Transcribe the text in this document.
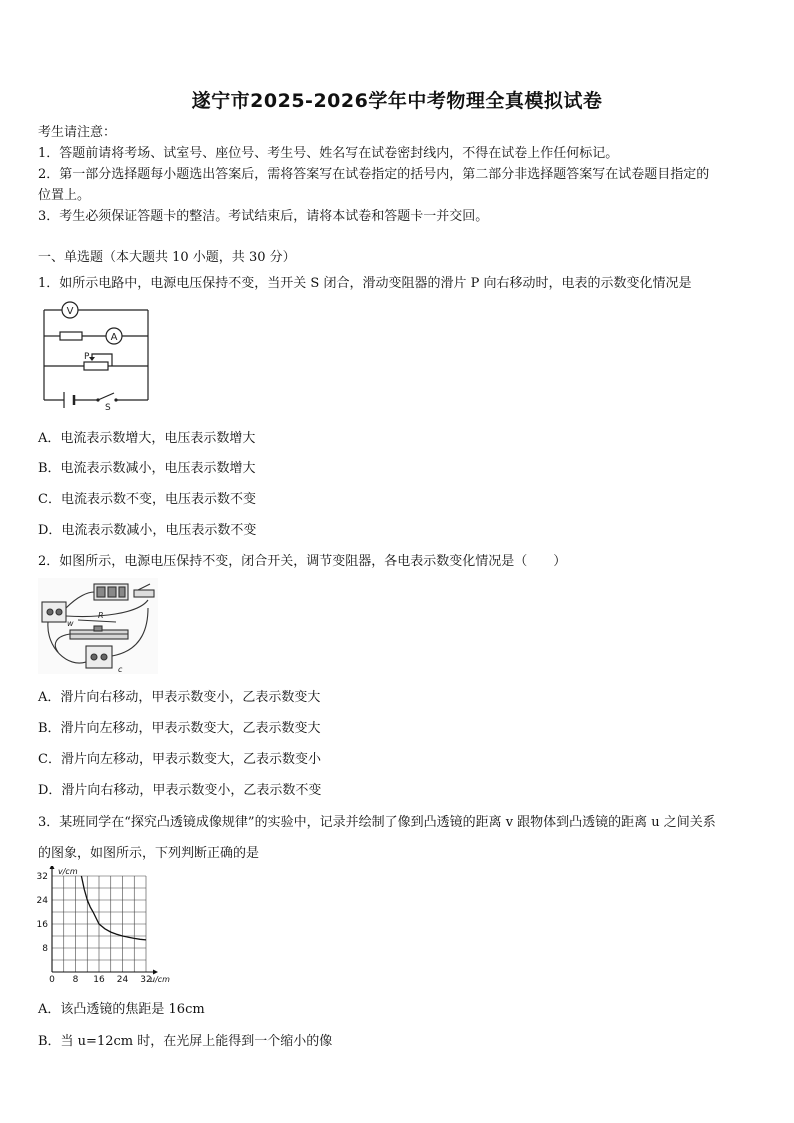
遂宁市2025-2026学年中考物理全真模拟试卷
考生请注意：
1．答题前请将考场、试室号、座位号、考生号、姓名写在试卷密封线内，不得在试卷上作任何标记。
2．第一部分选择题每小题选出答案后，需将答案写在试卷指定的括号内，第二部分非选择题答案写在试卷题目指定的
位置上。
3．考生必须保证答题卡的整洁。考试结束后，请将本试卷和答题卡一并交回。
一、单选题（本大题共 10 小题，共 30 分）
1．如所示电路中，电源电压保持不变，当开关 S 闭合，滑动变阻器的滑片 P 向右移动时，电表的示数变化情况是
V
A
P
S
A．电流表示数增大，电压表示数增大
B．电流表示数减小，电压表示数增大
C．电流表示数不变，电压表示数不变
D．电流表示数减小，电压表示数不变
2．如图所示，电源电压保持不变，闭合开关，调节变阻器，各电表示数变化情况是（　　）
R
w
c
A．滑片向右移动，甲表示数变小，乙表示数变大
B．滑片向左移动，甲表示数变大，乙表示数变大
C．滑片向左移动，甲表示数变大，乙表示数变小
D．滑片向右移动，甲表示数变小，乙表示数不变
3．某班同学在“探究凸透镜成像规律”的实验中，记录并绘制了像到凸透镜的距离 v 跟物体到凸透镜的距离 u 之间关系
的图象，如图所示，下列判断正确的是
0 8 16 24 32
8
16
24
32
u/cm
v/cm
A．该凸透镜的焦距是 16cm
B．当 u=12cm 时，在光屏上能得到一个缩小的像
